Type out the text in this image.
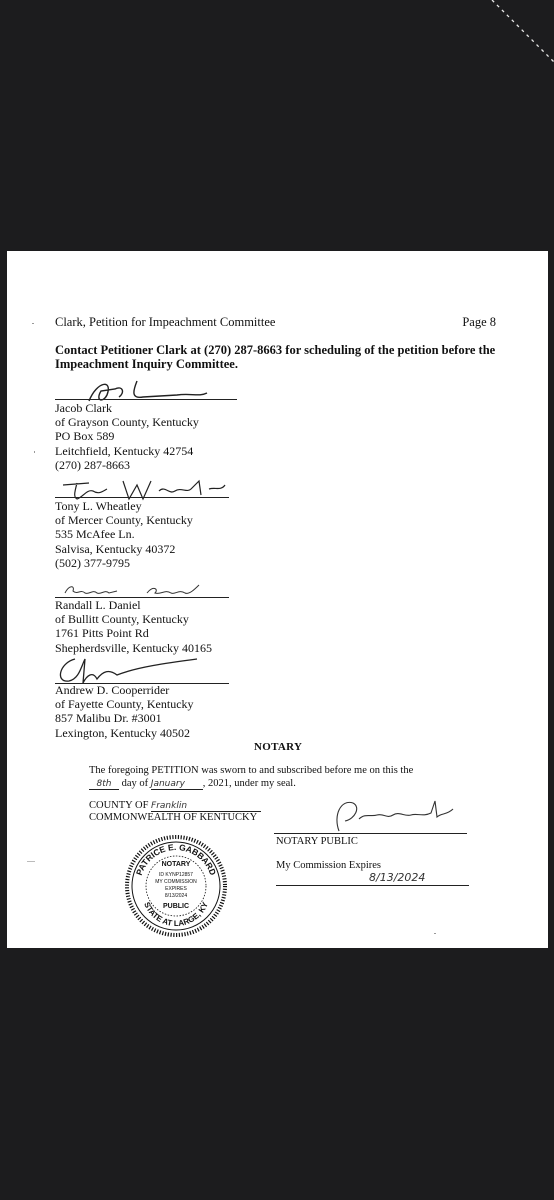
Clark, Petition for Impeachment Committee	Page 8
Contact Petitioner Clark at (270) 287-8663 for scheduling of the petition before the
Impeachment Inquiry Committee.
Jacob Clark
of Grayson County, Kentucky
PO Box 589
Leitchfield, Kentucky 42754
(270) 287-8663
Tony L. Wheatley
of Mercer County, Kentucky
535 McAfee Ln.
Salvisa, Kentucky 40372
(502) 377-9795
Randall L. Daniel
of Bullitt County, Kentucky
1761 Pitts Point Rd
Shepherdsville, Kentucky 40165
Andrew D. Cooperrider
of Fayette County, Kentucky
857 Malibu Dr. #3001
Lexington, Kentucky 40502
NOTARY
The foregoing PETITION was sworn to and subscribed before me on this the
8th day of January , 2021, under my seal.
COUNTY OF Franklin
COMMONWEALTH OF KENTUCKY
NOTARY PUBLIC
My Commission Expires
8/13/2024
PATRICE E. GABBARD
STATE AT LARGE, KY
NOTARY
ID KYNP12857
MY COMMISSION
EXPIRES
8/13/2024
PUBLIC
